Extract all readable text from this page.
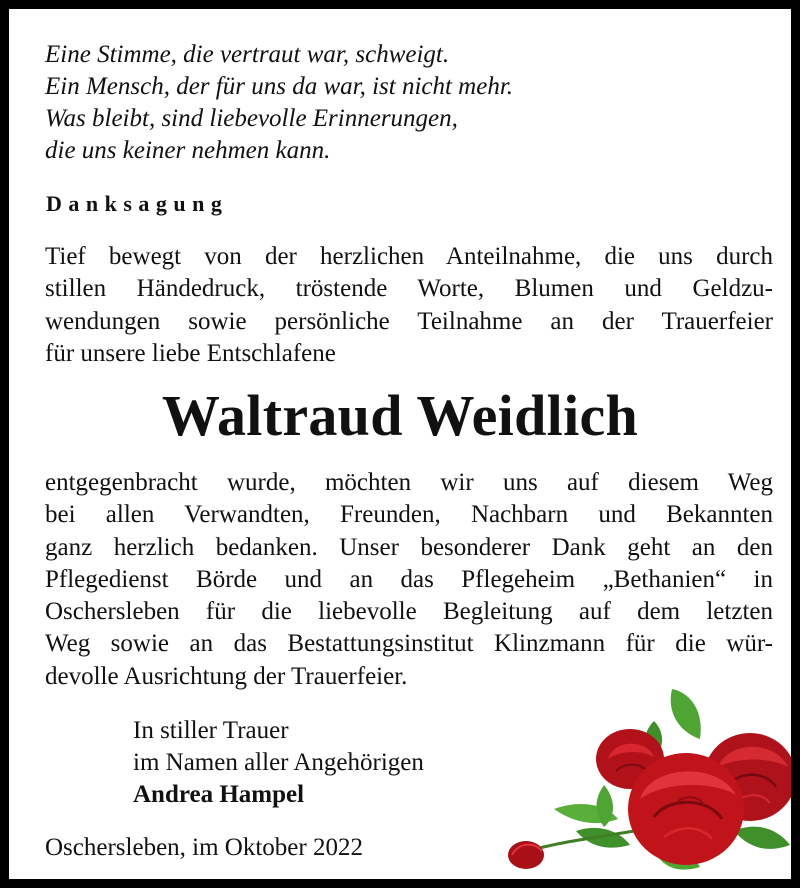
Eine Stimme, die vertraut war, schweigt.
Ein Mensch, der für uns da war, ist nicht mehr.
Was bleibt, sind liebevolle Erinnerungen,
die uns keiner nehmen kann.
Danksagung
Tief bewegt von der herzlichen Anteilnahme, die uns durch
stillen Händedruck, tröstende Worte, Blumen und Geldzu-
wendungen sowie persönliche Teilnahme an der Trauerfeier
für unsere liebe Entschlafene
Waltraud Weidlich
entgegenbracht wurde, möchten wir uns auf diesem Weg
bei allen Verwandten, Freunden, Nachbarn und Bekannten
ganz herzlich bedanken. Unser besonderer Dank geht an den
Pflegedienst Börde und an das Pflegeheim „Bethanien“ in
Oschersleben für die liebevolle Begleitung auf dem letzten
Weg sowie an das Bestattungsinstitut Klinzmann für die wür-
devolle Ausrichtung der Trauerfeier.
In stiller Trauer
im Namen aller Angehörigen
Andrea Hampel
Oschersleben, im Oktober 2022
